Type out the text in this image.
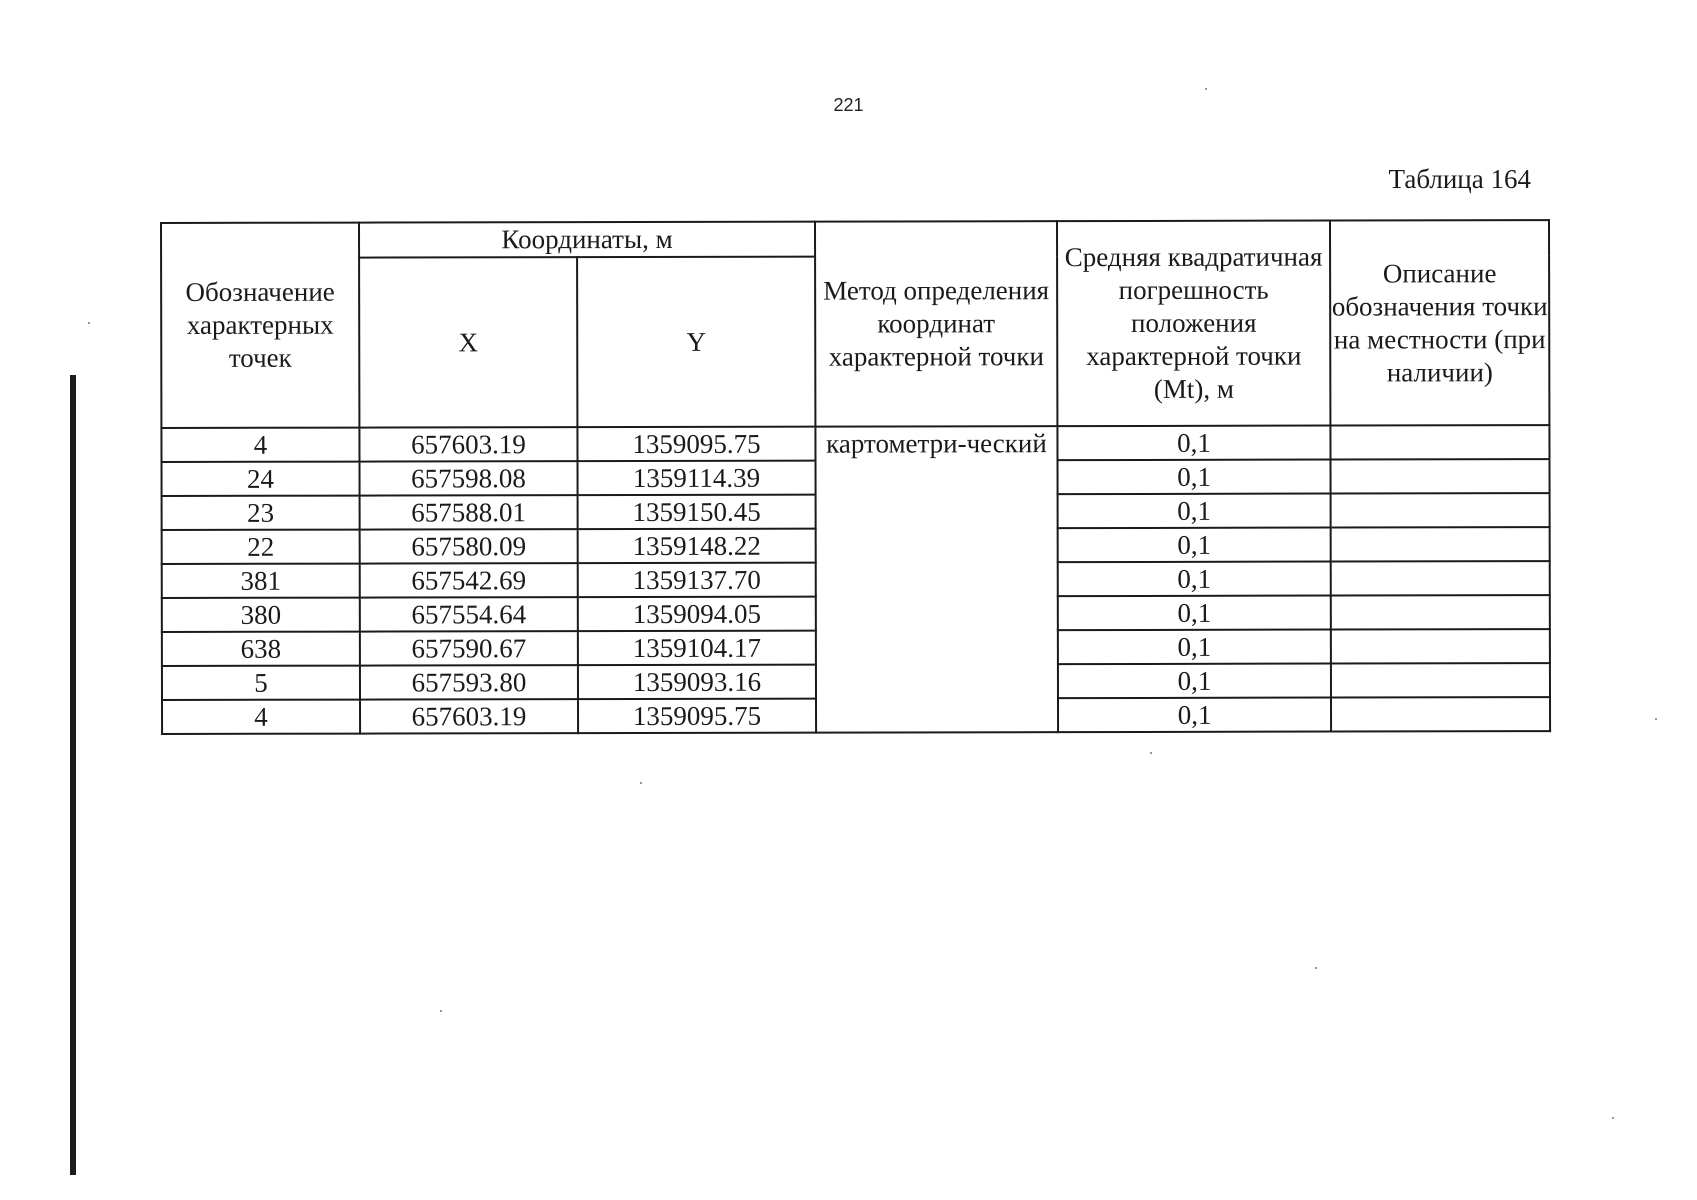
221
Таблица 164
Обозначение характерных точек	Координаты, м		Метод определения координат характерной точки	Средняя квадратичная погрешность положения характерной точки (Mt), м	Описание обозначения точки на местности (при наличии)
	X	Y			
4	657603.19	1359095.75	картометри-ческий	0,1	
24	657598.08	1359114.39		0,1	
23	657588.01	1359150.45		0,1	
22	657580.09	1359148.22		0,1	
381	657542.69	1359137.70		0,1	
380	657554.64	1359094.05		0,1	
638	657590.67	1359104.17		0,1	
5	657593.80	1359093.16		0,1	
4	657603.19	1359095.75		0,1	
